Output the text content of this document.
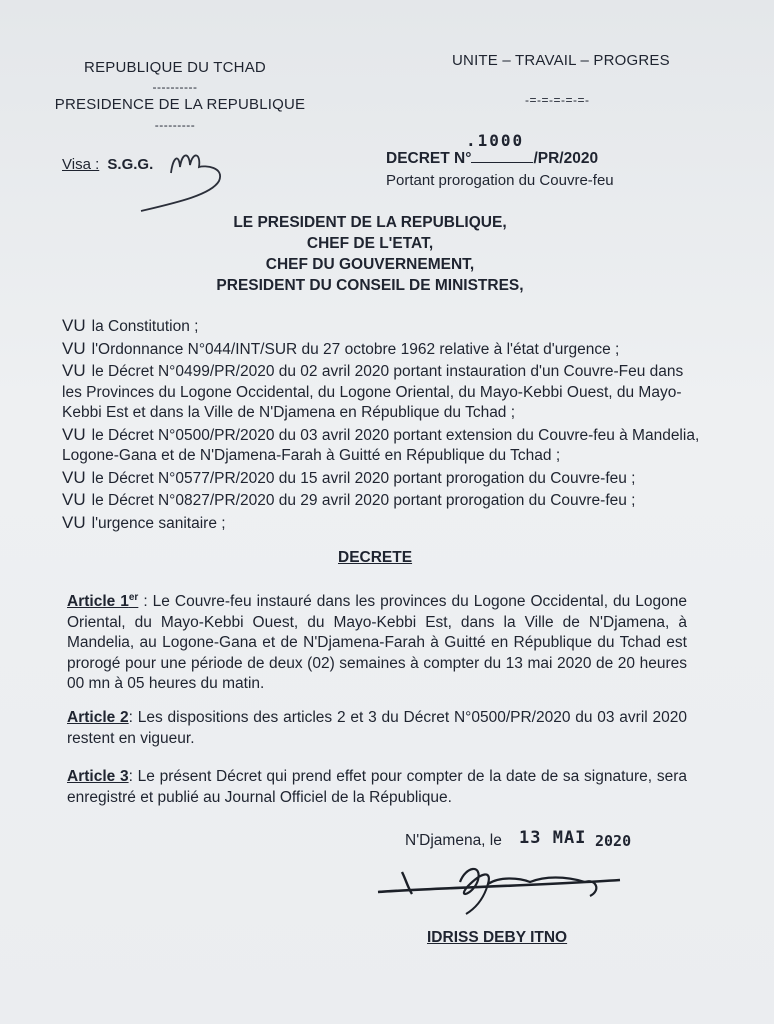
REPUBLIQUE DU TCHAD
----------
PRESIDENCE DE LA REPUBLIQUE
---------
UNITE – TRAVAIL – PROGRES
-=-=-=-=-=-
Visa : S.G.G.	DECRET N°	/PR/2020
.1000
Portant prorogation du Couvre-feu
LE PRESIDENT DE LA REPUBLIQUE,
CHEF DE L'ETAT,
CHEF DU GOUVERNEMENT,
PRESIDENT DU CONSEIL DE MINISTRES,
VU la Constitution ;
VU l'Ordonnance N°044/INT/SUR du 27 octobre 1962 relative à l'état d'urgence ;
VU le Décret N°0499/PR/2020 du 02 avril 2020 portant instauration d'un Couvre-Feu dans les Provinces du Logone Occidental, du Logone Oriental, du Mayo-Kebbi Ouest, du Mayo-Kebbi Est et dans la Ville de N'Djamena en République du Tchad ;
VU le Décret N°0500/PR/2020 du 03 avril 2020 portant extension du Couvre-feu à Mandelia, Logone-Gana et de N'Djamena-Farah à Guitté en République du Tchad ;
VU le Décret N°0577/PR/2020 du 15 avril 2020 portant prorogation du Couvre-feu ;
VU le Décret N°0827/PR/2020 du 29 avril 2020 portant prorogation du Couvre-feu ;
VU l'urgence sanitaire ;
DECRETE
Article 1er : Le Couvre-feu instauré dans les provinces du Logone Occidental, du Logone Oriental, du Mayo-Kebbi Ouest, du Mayo-Kebbi Est, dans la Ville de N'Djamena, à Mandelia, au Logone-Gana et de N'Djamena-Farah à Guitté en République du Tchad est prorogé pour une période de deux (02) semaines à compter du 13 mai 2020 de 20 heures 00 mn à 05 heures du matin.
Article 2: Les dispositions des articles 2 et 3 du Décret N°0500/PR/2020 du 03 avril 2020 restent en vigueur.
Article 3: Le présent Décret qui prend effet pour compter de la date de sa signature, sera enregistré et publié au Journal Officiel de la République.
N'Djamena, le 13 MAI 2020
IDRISS DEBY ITNO
